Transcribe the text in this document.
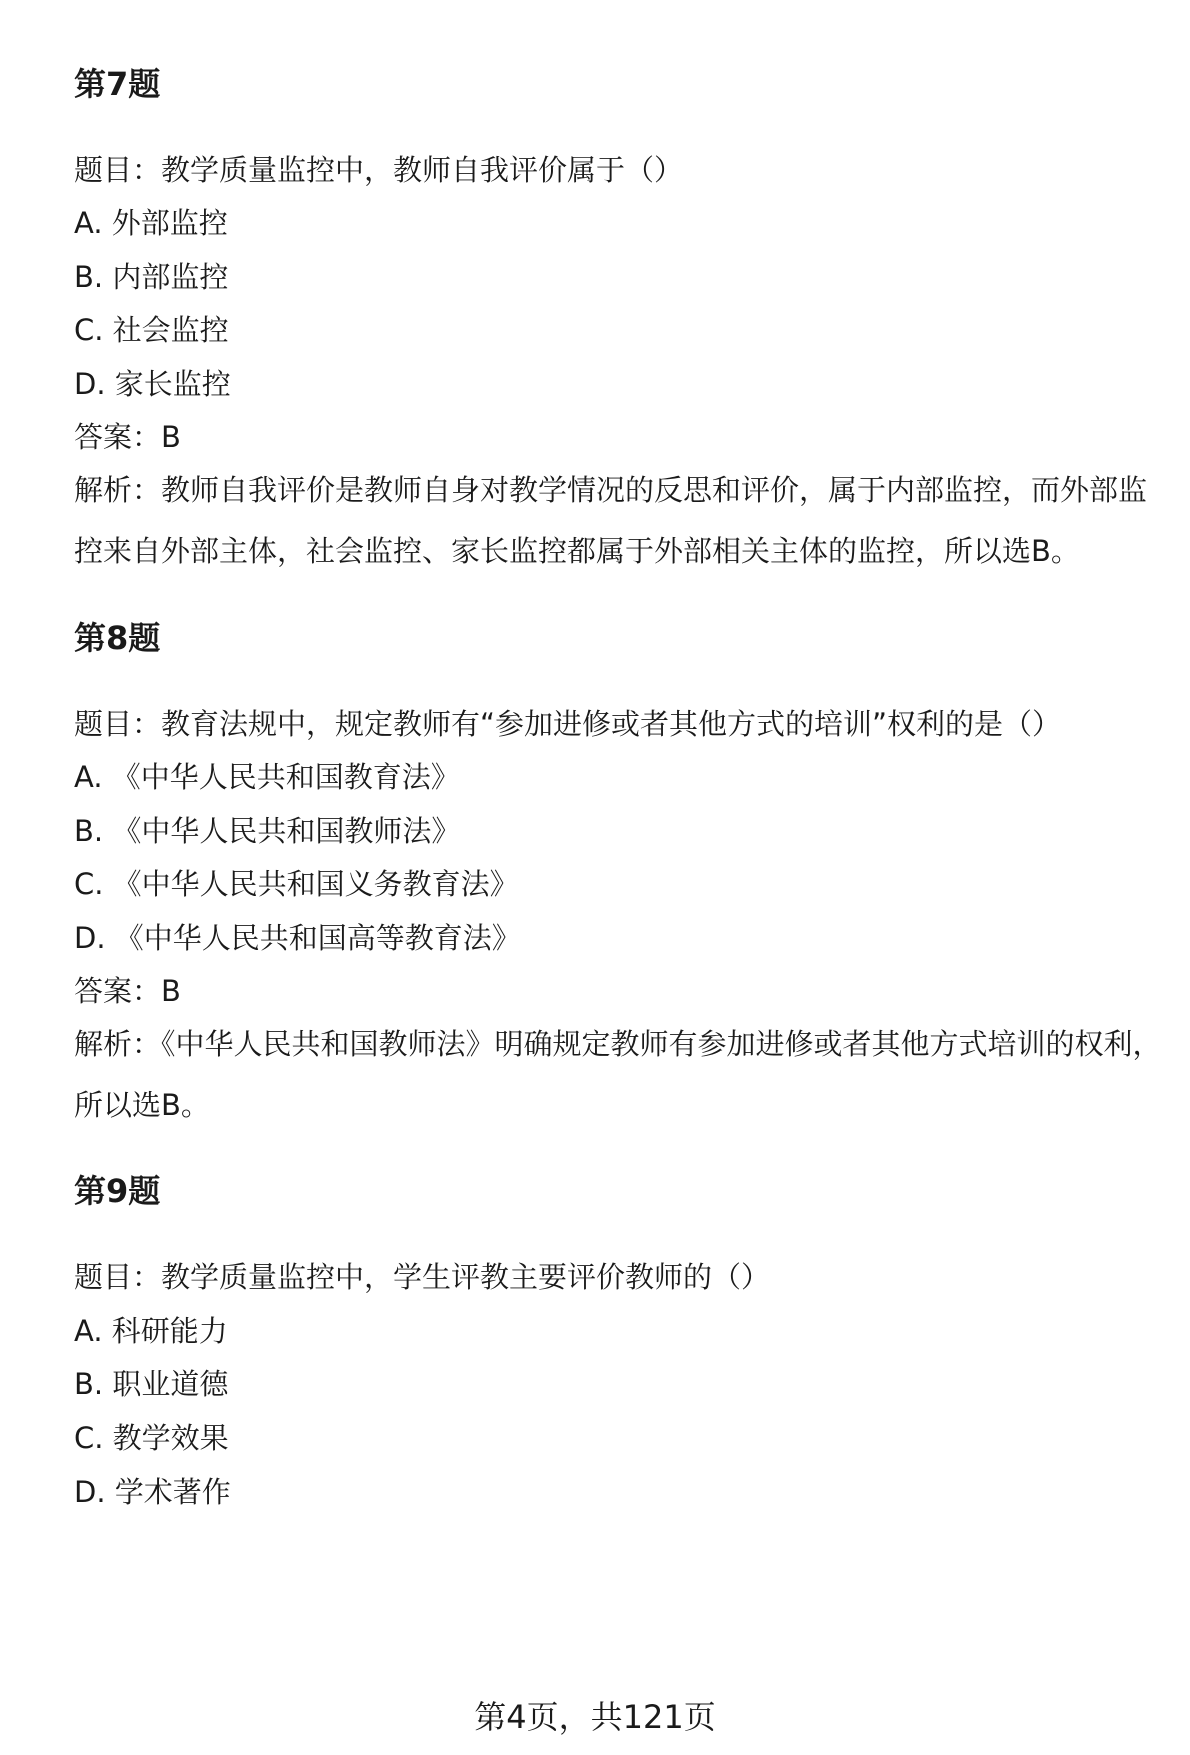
第7题

题目：教学质量监控中，教师自我评价属于（）

A. 外部监控

B. 内部监控

C. 社会监控

D. 家长监控

答案：B

解析：教师自我评价是教师自身对教学情况的反思和评价，属于内部监控，而外部监控来自外部主体，社会监控、家长监控都属于外部相关主体的监控，所以选B。

第8题

题目：教育法规中，规定教师有“参加进修或者其他方式的培训”权利的是（）

A. 《中华人民共和国教育法》

B. 《中华人民共和国教师法》

C. 《中华人民共和国义务教育法》

D. 《中华人民共和国高等教育法》

答案：B

解析：《中华人民共和国教师法》明确规定教师有参加进修或者其他方式培训的权利，所以选B。

第9题

题目：教学质量监控中，学生评教主要评价教师的（）

A. 科研能力

B. 职业道德

C. 教学效果

D. 学术著作

第4页，共121页
